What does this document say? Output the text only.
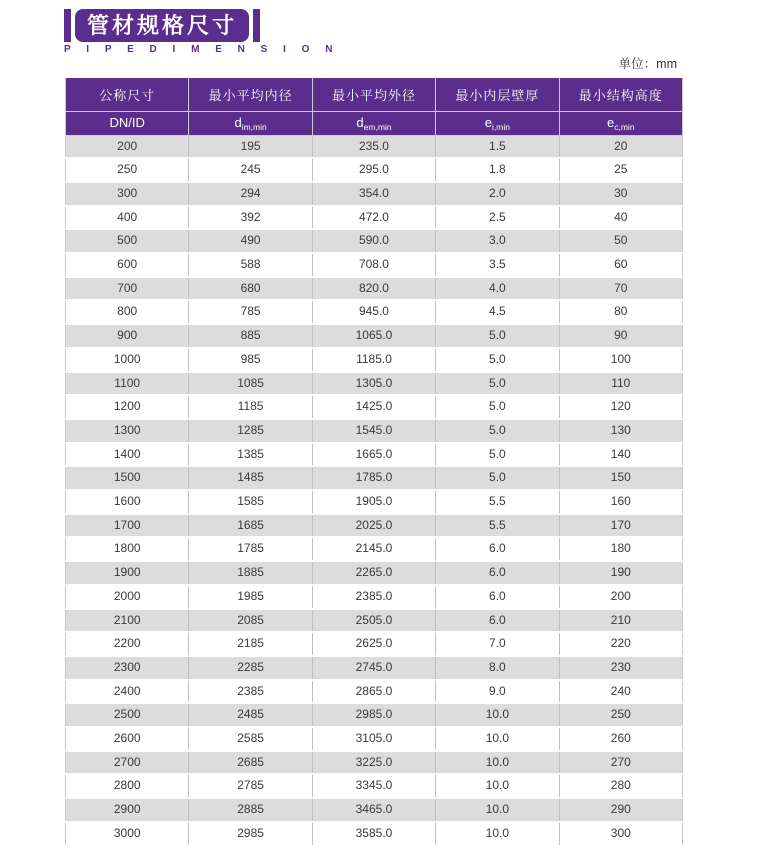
管材规格尺寸
P I P E D I M E N S I O N
单位：mm
公称尺寸	最小平均内径	最小平均外径	最小内层壁厚	最小结构高度
DN/ID	$d_{im,min}$	$d_{em,min}$	$e_{i,min}$	$e_{c,min}$
200	195	235.0	1.5	20
250	245	295.0	1.8	25
300	294	354.0	2.0	30
400	392	472.0	2.5	40
500	490	590.0	3.0	50
600	588	708.0	3.5	60
700	680	820.0	4.0	70
800	785	945.0	4.5	80
900	885	1065.0	5.0	90
1000	985	1185.0	5.0	100
1100	1085	1305.0	5.0	110
1200	1185	1425.0	5.0	120
1300	1285	1545.0	5.0	130
1400	1385	1665.0	5.0	140
1500	1485	1785.0	5.0	150
1600	1585	1905.0	5.5	160
1700	1685	2025.0	5.5	170
1800	1785	2145.0	6.0	180
1900	1885	2265.0	6.0	190
2000	1985	2385.0	6.0	200
2100	2085	2505.0	6.0	210
2200	2185	2625.0	7.0	220
2300	2285	2745.0	8.0	230
2400	2385	2865.0	9.0	240
2500	2485	2985.0	10.0	250
2600	2585	3105.0	10.0	260
2700	2685	3225.0	10.0	270
2800	2785	3345.0	10.0	280
2900	2885	3465.0	10.0	290
3000	2985	3585.0	10.0	300
